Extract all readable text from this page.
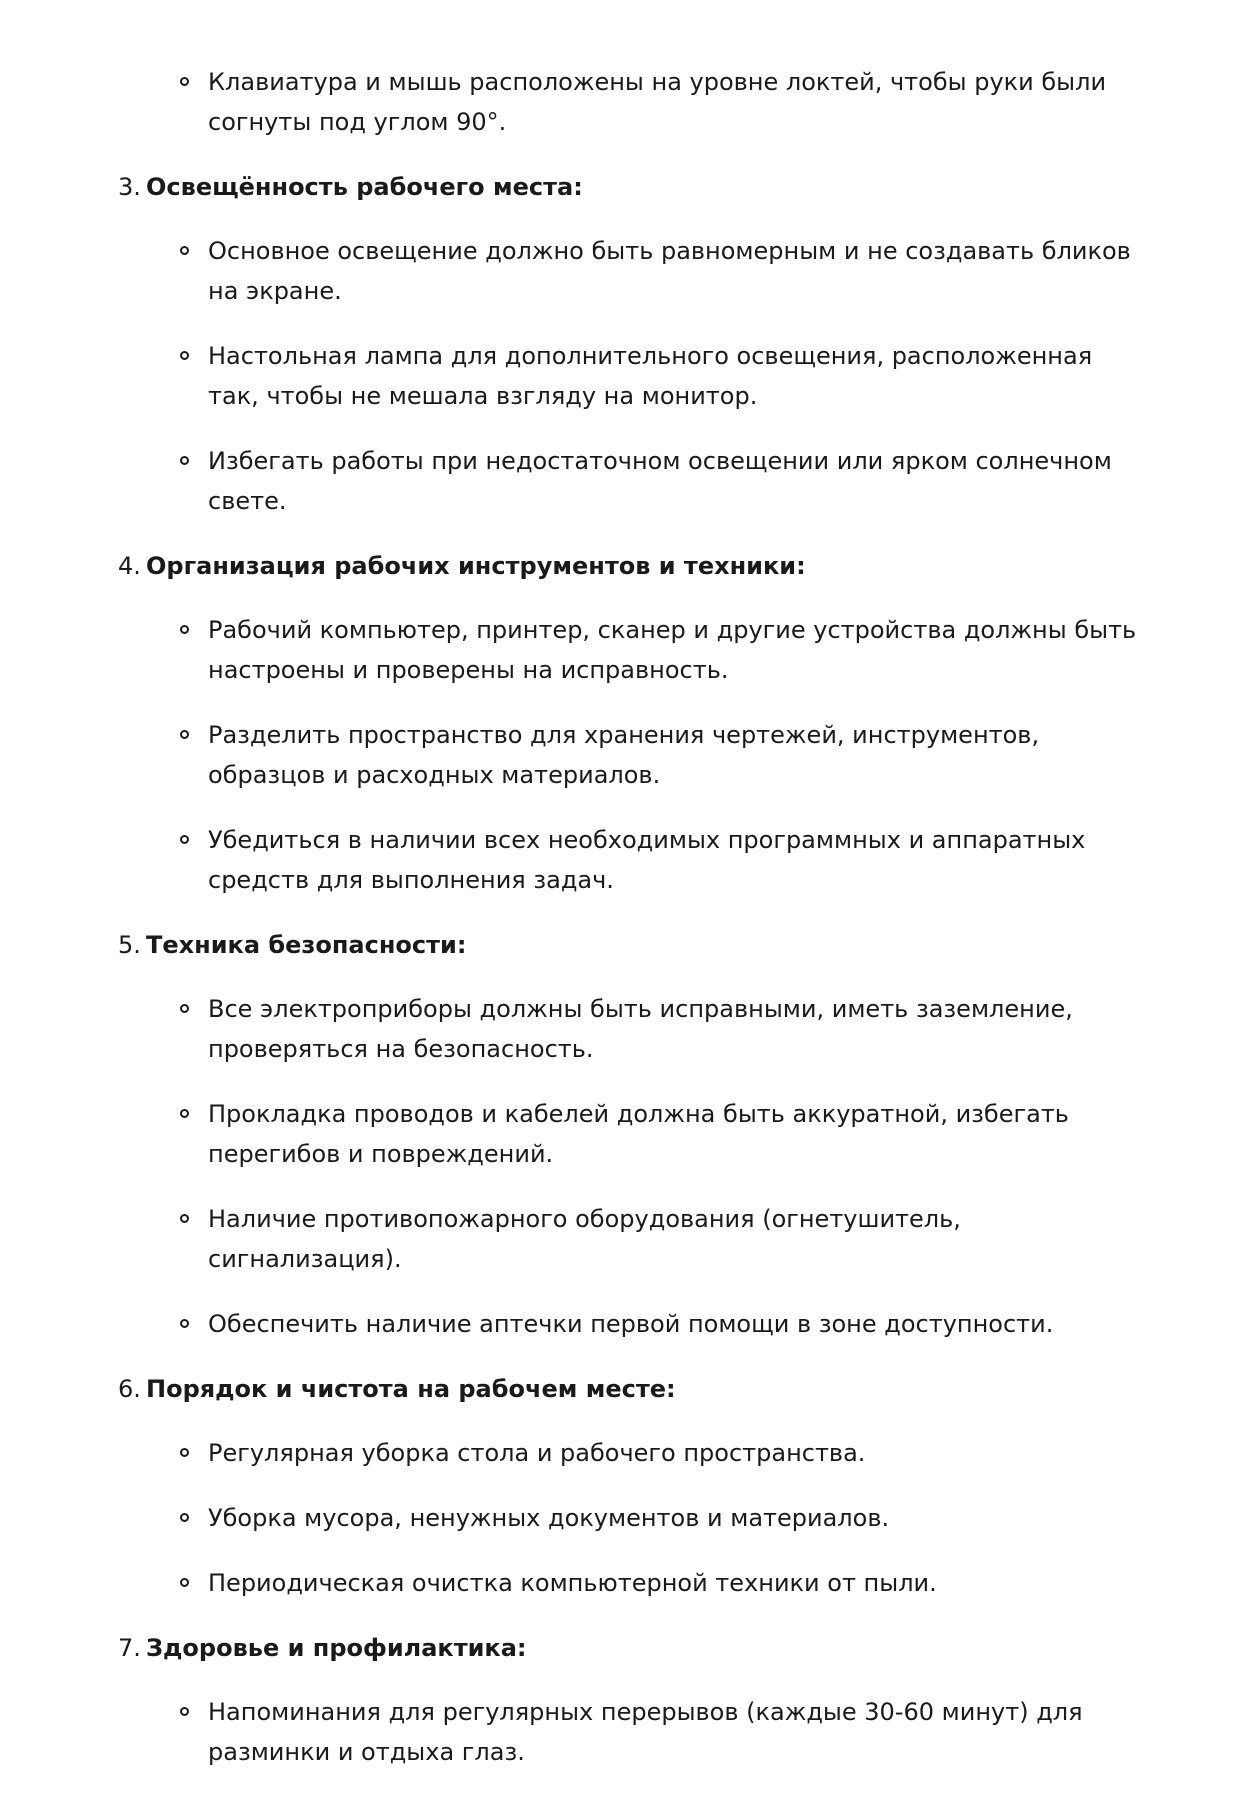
Клавиатура и мышь расположены на уровне локтей, чтобы руки были согнуты под углом 90°.
3. Освещённость рабочего места:
Основное освещение должно быть равномерным и не создавать бликов на экране.
Настольная лампа для дополнительного освещения, расположенная так, чтобы не мешала взгляду на монитор.
Избегать работы при недостаточном освещении или ярком солнечном свете.
4. Организация рабочих инструментов и техники:
Рабочий компьютер, принтер, сканер и другие устройства должны быть настроены и проверены на исправность.
Разделить пространство для хранения чертежей, инструментов, образцов и расходных материалов.
Убедиться в наличии всех необходимых программных и аппаратных средств для выполнения задач.
5. Техника безопасности:
Все электроприборы должны быть исправными, иметь заземление, проверяться на безопасность.
Прокладка проводов и кабелей должна быть аккуратной, избегать перегибов и повреждений.
Наличие противопожарного оборудования (огнетушитель, сигнализация).
Обеспечить наличие аптечки первой помощи в зоне доступности.
6. Порядок и чистота на рабочем месте:
Регулярная уборка стола и рабочего пространства.
Уборка мусора, ненужных документов и материалов.
Периодическая очистка компьютерной техники от пыли.
7. Здоровье и профилактика:
Напоминания для регулярных перерывов (каждые 30-60 минут) для разминки и отдыха глаз.
